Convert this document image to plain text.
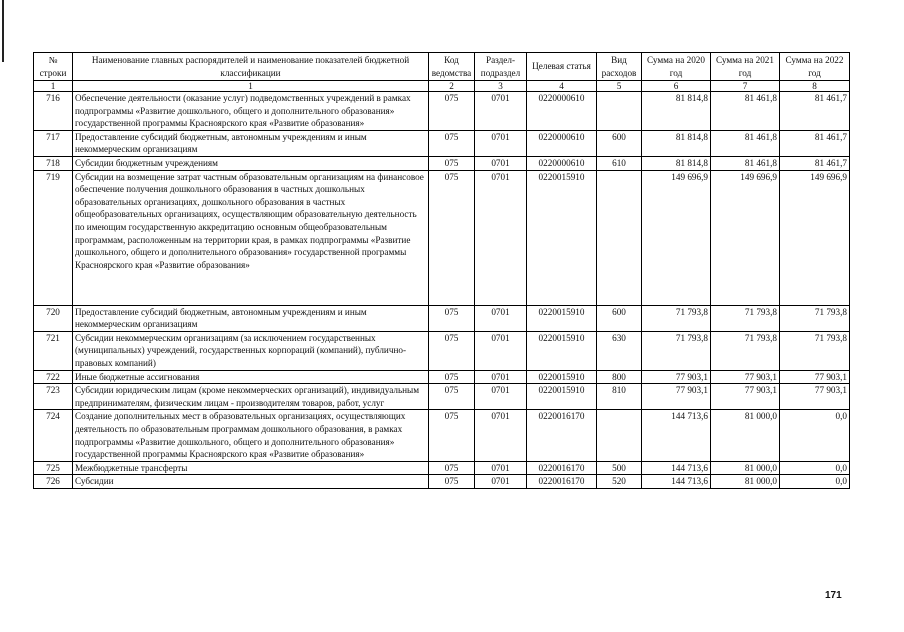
№ строки	Наименование главных распорядителей и наименование показателей бюджетной классификации	Код ведомства	Раздел-подраздел	Целевая статья	Вид расходов	Сумма на 2020 год	Сумма на 2021 год	Сумма на 2022 год
1	1	2	3	4	5	6	7	8
716	Обеспечение деятельности (оказание услуг) подведомственных учреждений в рамках подпрограммы «Развитие дошкольного, общего и дополнительного образования» государственной программы Красноярского края «Развитие образования»	075	0701	0220000610		81 814,8	81 461,8	81 461,7
717	Предоставление субсидий бюджетным, автономным учреждениям и иным некоммерческим организациям	075	0701	0220000610	600	81 814,8	81 461,8	81 461,7
718	Субсидии бюджетным учреждениям	075	0701	0220000610	610	81 814,8	81 461,8	81 461,7
719	Субсидии на возмещение затрат частным образовательным организациям на финансовое обеспечение получения дошкольного образования в частных дошкольных образовательных организациях, дошкольного образования в частных общеобразовательных организациях, осуществляющим образовательную деятельность по имеющим государственную аккредитацию основным общеобразовательным программам, расположенным на территории края, в рамках подпрограммы «Развитие дошкольного, общего и дополнительного образования» государственной программы Красноярского края «Развитие образования»	075	0701	0220015910		149 696,9	149 696,9	149 696,9
720	Предоставление субсидий бюджетным, автономным учреждениям и иным некоммерческим организациям	075	0701	0220015910	600	71 793,8	71 793,8	71 793,8
721	Субсидии некоммерческим организациям (за исключением государственных (муниципальных) учреждений, государственных корпораций (компаний), публично-правовых компаний)	075	0701	0220015910	630	71 793,8	71 793,8	71 793,8
722	Иные бюджетные ассигнования	075	0701	0220015910	800	77 903,1	77 903,1	77 903,1
723	Субсидии юридическим лицам (кроме некоммерческих организаций), индивидуальным предпринимателям, физическим лицам - производителям товаров, работ, услуг	075	0701	0220015910	810	77 903,1	77 903,1	77 903,1
724	Создание дополнительных мест в образовательных организациях, осуществляющих деятельность по образовательным программам дошкольного образования, в рамках подпрограммы «Развитие дошкольного, общего и дополнительного образования» государственной программы Красноярского края «Развитие образования»	075	0701	0220016170		144 713,6	81 000,0	0,0
725	Межбюджетные трансферты	075	0701	0220016170	500	144 713,6	81 000,0	0,0
726	Субсидии	075	0701	0220016170	520	144 713,6	81 000,0	0,0
171
